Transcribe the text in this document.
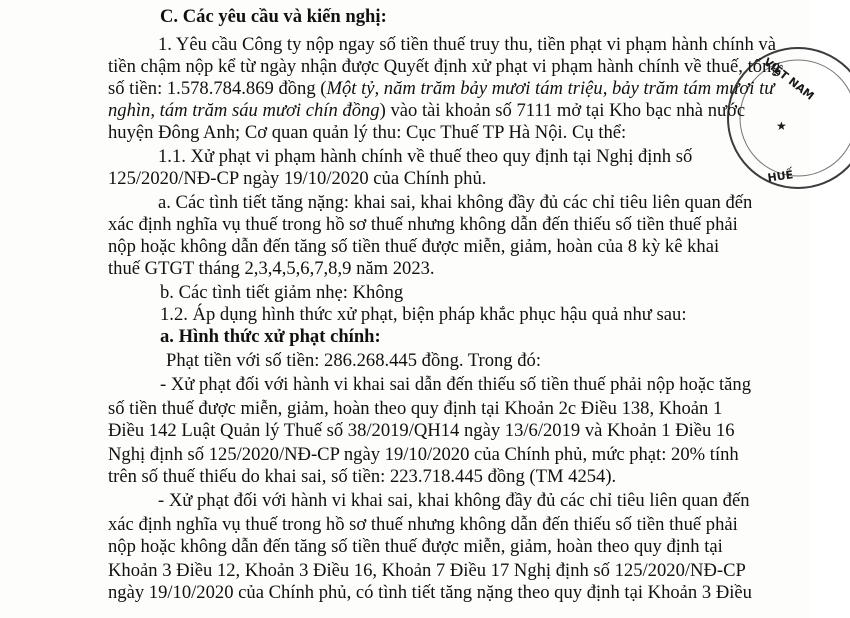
C. Các yêu cầu và kiến nghị:
1. Yêu cầu Công ty nộp ngay số tiền thuế truy thu, tiền phạt vi phạm hành chính và
tiền chậm nộp kể từ ngày nhận được Quyết định xử phạt vi phạm hành chính về thuế, tổng
số tiền: 1.578.784.869 đồng (Một tỷ, năm trăm bảy mươi tám triệu, bảy trăm tám mươi tư
nghìn, tám trăm sáu mươi chín đồng) vào tài khoản số 7111 mở tại Kho bạc nhà nước
huyện Đông Anh; Cơ quan quản lý thu: Cục Thuế TP Hà Nội. Cụ thể:
1.1. Xử phạt vi phạm hành chính về thuế theo quy định tại Nghị định số
125/2020/NĐ-CP ngày 19/10/2020 của Chính phủ.
a. Các tình tiết tăng nặng: khai sai, khai không đầy đủ các chỉ tiêu liên quan đến
xác định nghĩa vụ thuế trong hồ sơ thuế nhưng không dẫn đến thiếu số tiền thuế phải
nộp hoặc không dẫn đến tăng số tiền thuế được miễn, giảm, hoàn của 8 kỳ kê khai
thuế GTGT tháng 2,3,4,5,6,7,8,9 năm 2023.
b. Các tình tiết giảm nhẹ: Không
1.2. Áp dụng hình thức xử phạt, biện pháp khắc phục hậu quả như sau:
a. Hình thức xử phạt chính:
Phạt tiền với số tiền: 286.268.445 đồng. Trong đó:
- Xử phạt đối với hành vi khai sai dẫn đến thiếu số tiền thuế phải nộp hoặc tăng
số tiền thuế được miễn, giảm, hoàn theo quy định tại Khoản 2c Điều 138, Khoản 1
Điều 142 Luật Quản lý Thuế số 38/2019/QH14 ngày 13/6/2019 và Khoản 1 Điều 16
Nghị định số 125/2020/NĐ-CP ngày 19/10/2020 của Chính phủ, mức phạt: 20% tính
trên số thuế thiếu do khai sai, số tiền: 223.718.445 đồng (TM 4254).
- Xử phạt đối với hành vi khai sai, khai không đầy đủ các chỉ tiêu liên quan đến
xác định nghĩa vụ thuế trong hồ sơ thuế nhưng không dẫn đến thiếu số tiền thuế phải
nộp hoặc không dẫn đến tăng số tiền thuế được miễn, giảm, hoàn theo quy định tại
Khoản 3 Điều 12, Khoản 3 Điều 16, Khoản 7 Điều 17 Nghị định số 125/2020/NĐ-CP
ngày 19/10/2020 của Chính phủ, có tình tiết tăng nặng theo quy định tại Khoản 3 Điều
VIỆT NAM
HUẾ
★
